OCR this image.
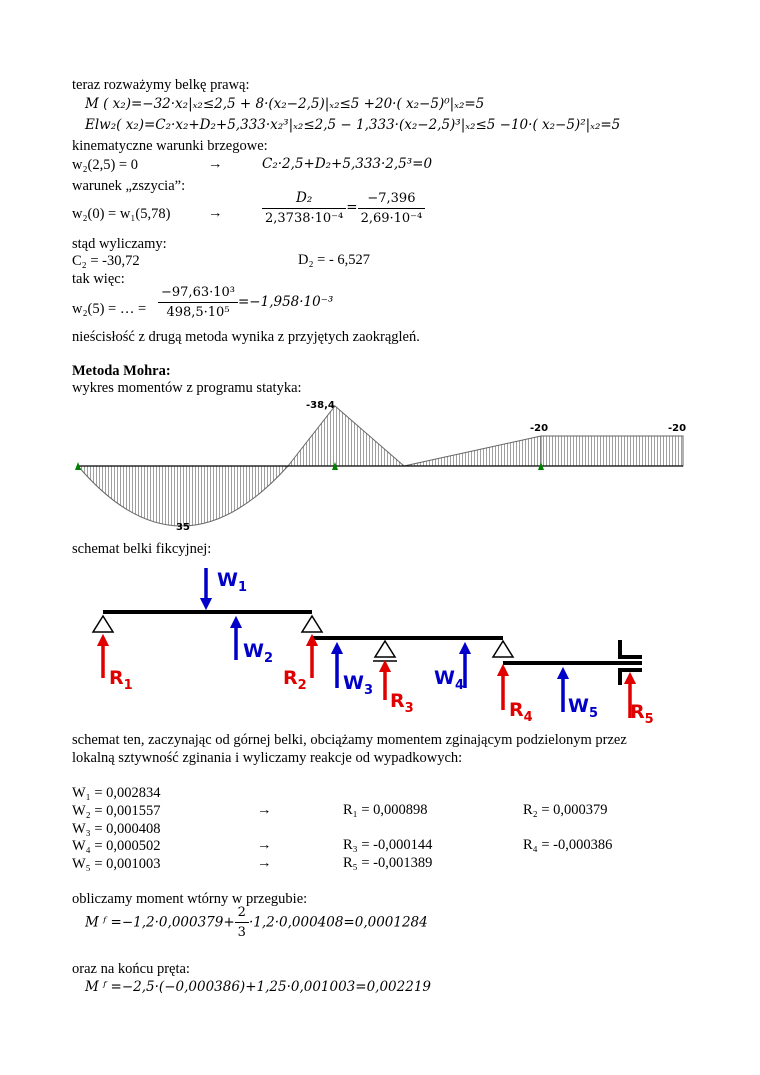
teraz rozważymy belkę prawą:
M ( x₂)=−32·x₂|ₓ₂≤2,5 + 8·(x₂−2,5)|ₓ₂≤5 +20·( x₂−5)⁰|ₓ₂=5
Elw₂( x₂)=C₂·x₂+D₂+5,333·x₂³|ₓ₂≤2,5 − 1,333·(x₂−2,5)³|ₓ₂≤5 −10·( x₂−5)²|ₓ₂=5
kinematyczne warunki brzegowe:
w₂(2,5) = 0	→	C₂·2,5+D₂+5,333·2,5³=0
warunek „zszycia”:
w₂(0) = w₁(5,78)	→	$\frac{\text{D₂}}{\text{2,3738·10⁻⁴}} = \frac{-7,396}{\text{2,69·10⁻⁴}}$
stąd wyliczamy:
C₂ = -30,72	D₂ = - 6,527
tak więc:
w₂(5) = … = $\frac{\text{−97,63·10³}}{\text{498,5·10⁵}} =-1,958\cdot 10^{-3}$
nieścisłość z drugą metoda wynika z przyjętych zaokrągleń.
Metoda Mohra:
wykres momentów z programu statyka:
-38,4
35
-20	-20
schemat belki fikcyjnej:
$W_1$
$W_2$
$W_3$
$W_4$
$W_5$
$R_1$	$R_2$
$R_3$	$R_4$	$R_5$
schemat ten, zaczynając od górnej belki, obciążamy momentem zginającym podzielonym przez
lokalną sztywność zginania i wyliczamy reakcje od wypadkowych:
W₁ = 0,002834
W₂ = 0,001557	→	R₁ = 0,000898	R₂ = 0,000379
W₃ = 0,000408
W₄ = 0,000502	→	R₃ = -0,000144	R₄ = -0,000386
W₅ = 0,001003	→	R₅ = -0,001389
obliczamy moment wtórny w przegubie:
M ᶠ $=-1,2\cdot 0,000379+ \frac{2}{3} \cdot 1,2\cdot 0,000408=0,0001284$
oraz na końcu pręta:
M ᶠ =−2,5·(−0,000386)+1,25·0,001003=0,002219
